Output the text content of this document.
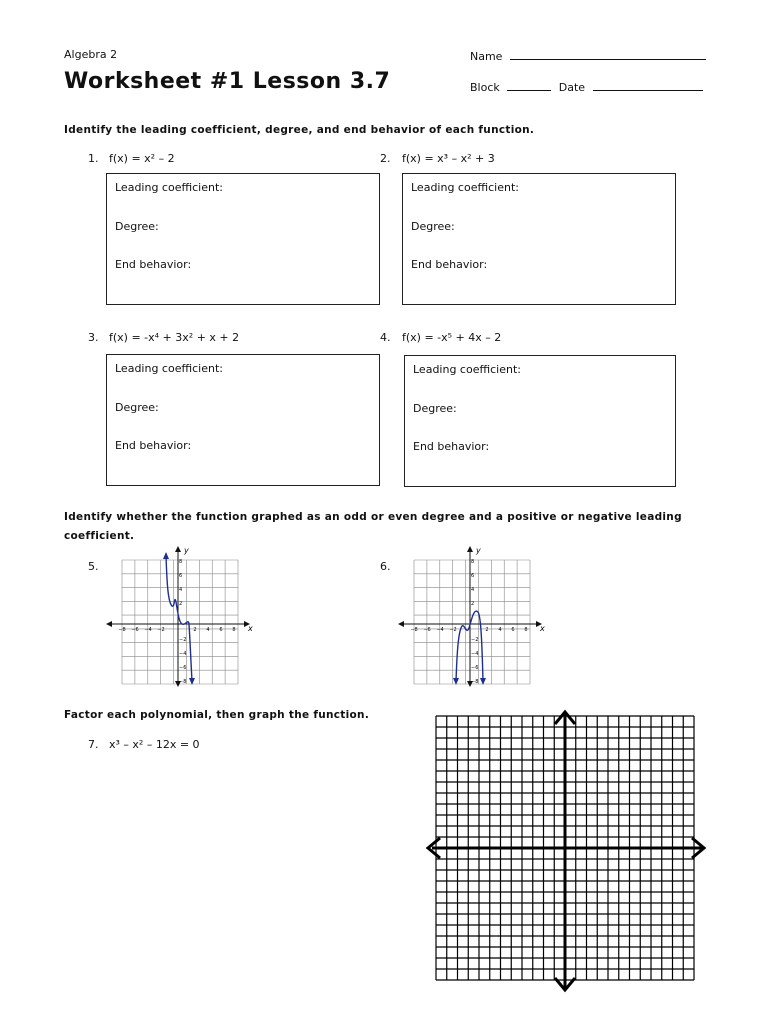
Algebra 2
Worksheet #1 Lesson 3.7
Name
Block	Date
Identify the leading coefficient, degree, and end behavior of each function.
1. f(x) = x² – 2
Leading coefficient:
Degree:
End behavior:
2. f(x) = x³ – x² + 3
Leading coefficient:
Degree:
End behavior:
3. f(x) = -x⁴ + 3x² + x + 2
Leading coefficient:
Degree:
End behavior:
4. f(x) = -x⁵ + 4x – 2
Leading coefficient:
Degree:
End behavior:
Identify whether the function graphed as an odd or even degree and a positive or negative leading
coefficient.
5.	6.
x
y
−8 −6 −4 −2	2 4 6 8
8
6
4
2
−2
−4
−6
−8
x
y
−8 −6 −4 −2	2 4 6 8
8
6
4
2
−2
−4
−6
−8
Factor each polynomial, then graph the function.
7. x³ – x² – 12x = 0
